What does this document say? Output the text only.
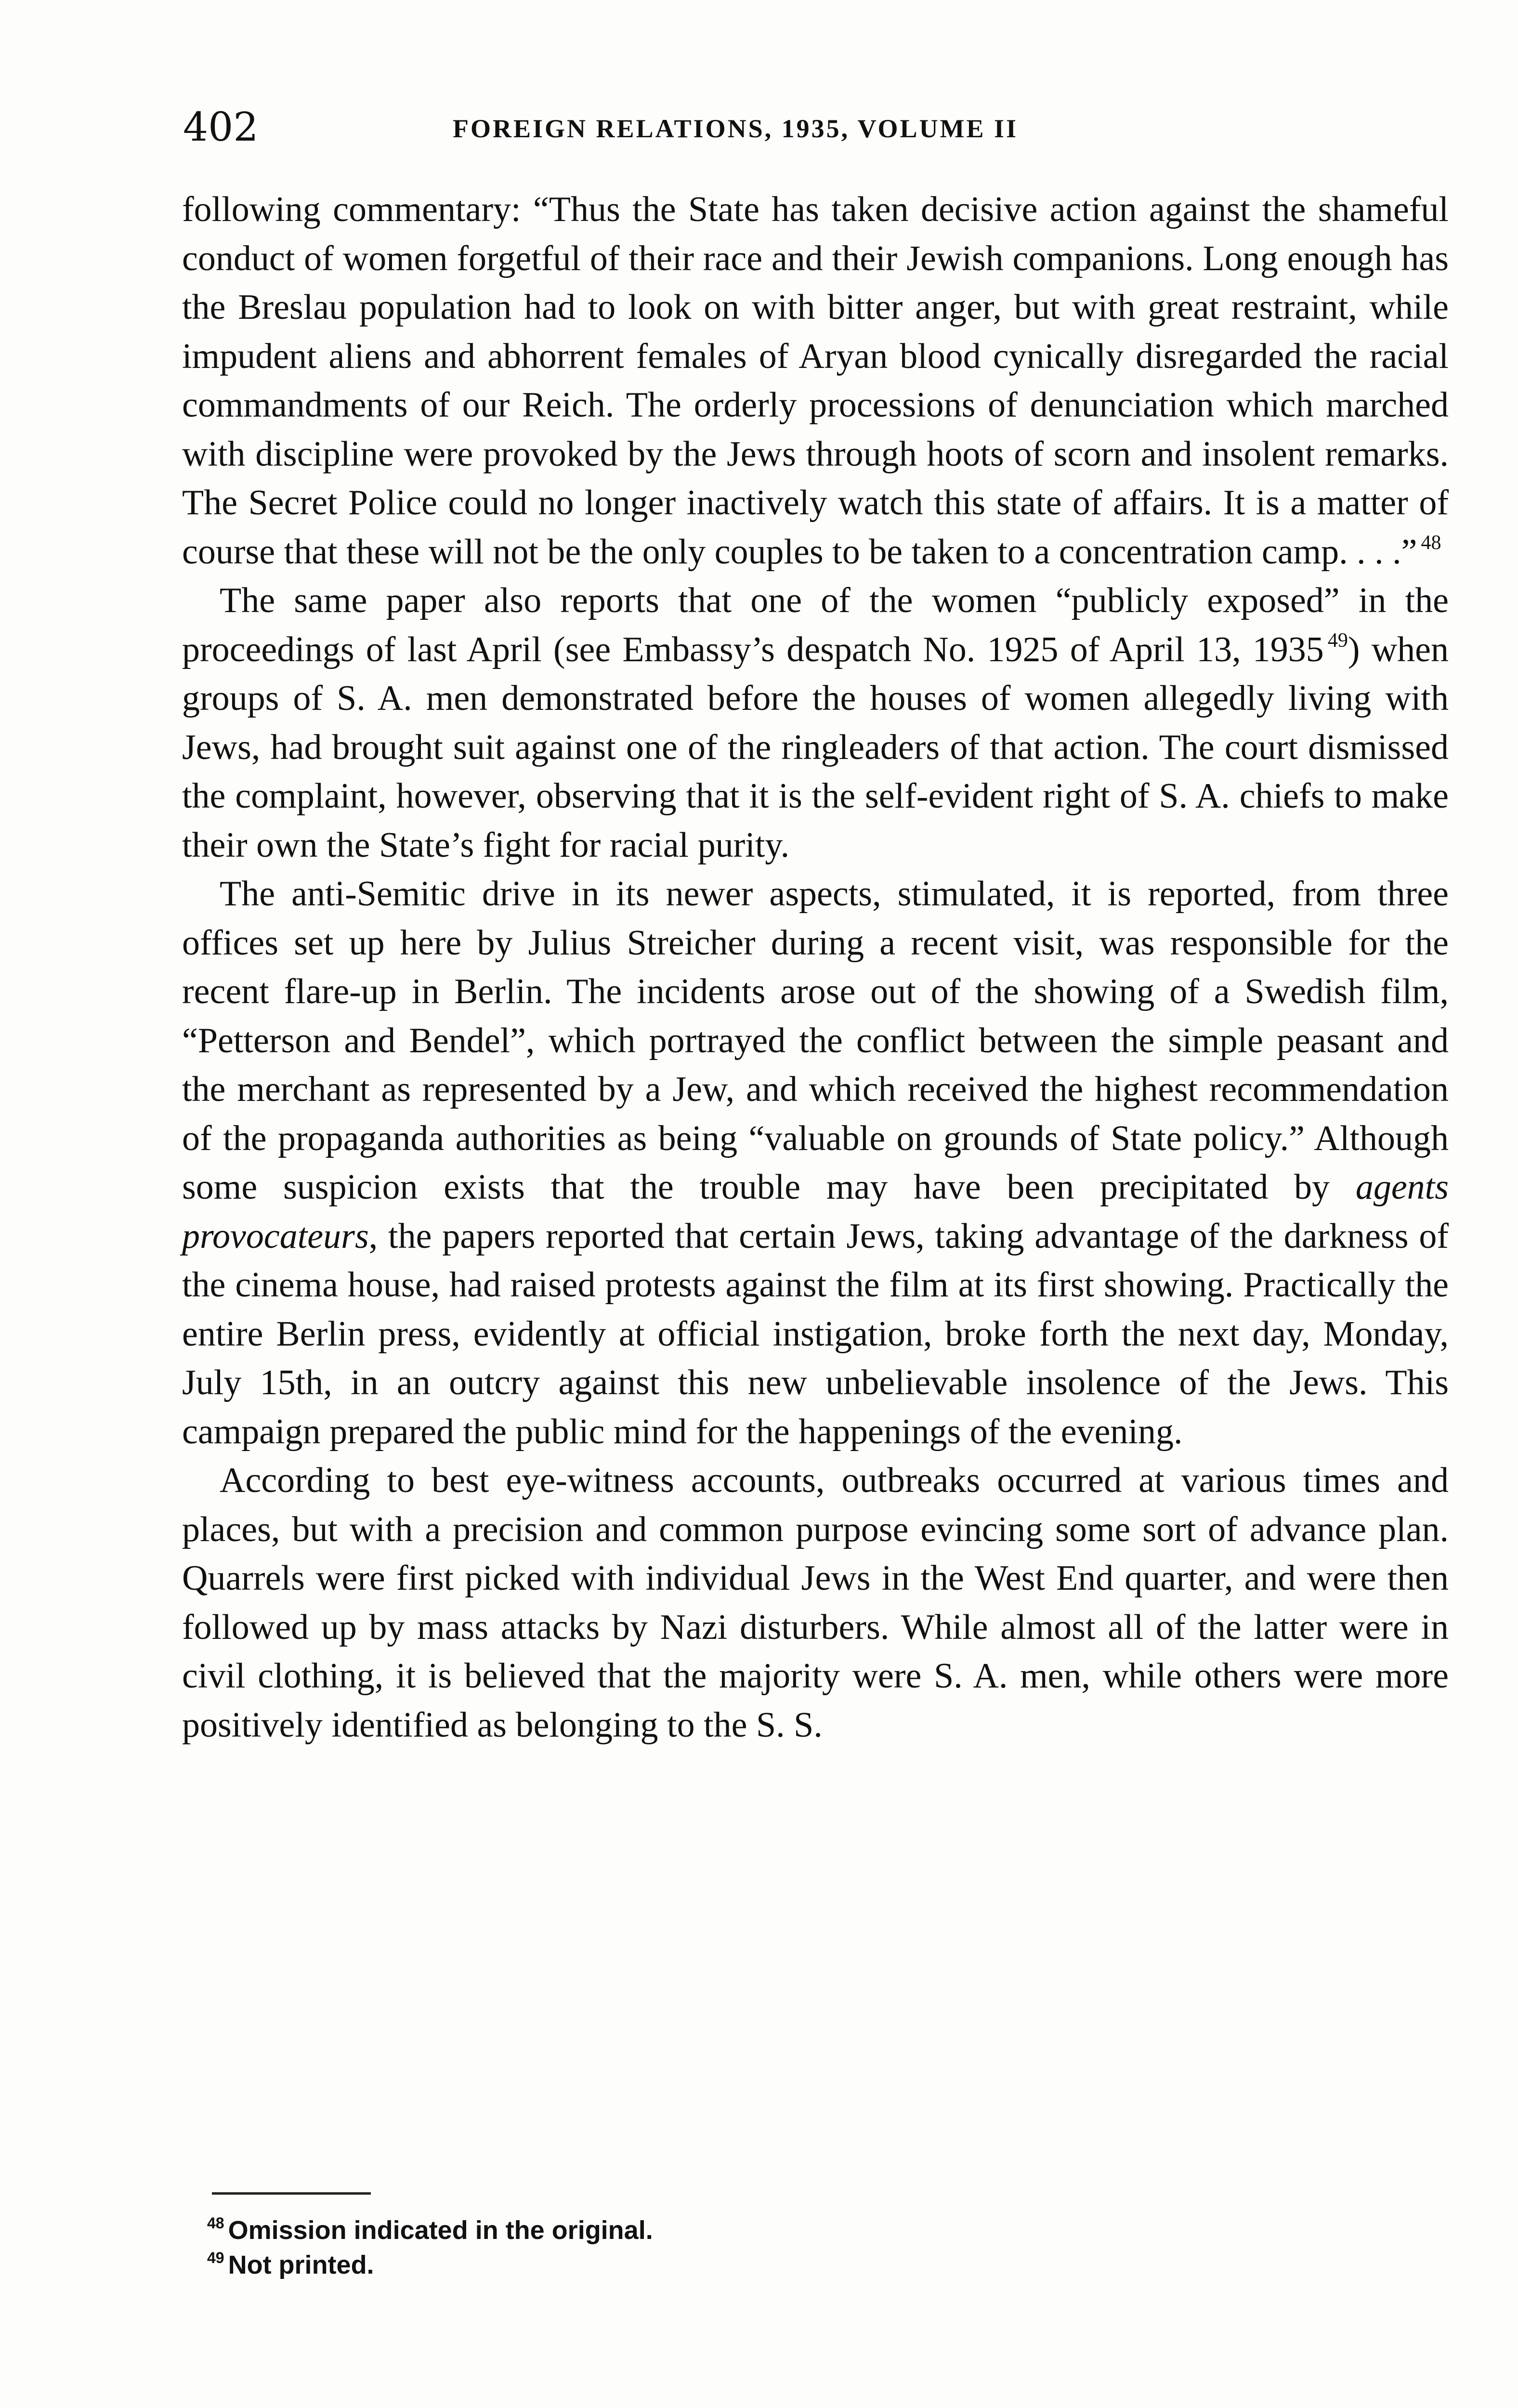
402	FOREIGN RELATIONS, 1935, VOLUME II

following commentary: “Thus the State has taken decisive action against the shameful conduct of women forgetful of their race and their Jewish companions. Long enough has the Breslau population had to look on with bitter anger, but with great restraint, while impudent aliens and abhorrent females of Aryan blood cynically disregarded the racial commandments of our Reich. The orderly processions of denunciation which marched with discipline were provoked by the Jews through hoots of scorn and insolent remarks. The Secret Police could no longer inactively watch this state of affairs. It is a matter of course that these will not be the only couples to be taken to a concentration camp. . . .” $^{48}$

The same paper also reports that one of the women “publicly exposed” in the proceedings of last April (see Embassy’s despatch No. 1925 of April 13, 1935 $^{49}$) when groups of S. A. men demonstrated before the houses of women allegedly living with Jews, had brought suit against one of the ringleaders of that action. The court dismissed the complaint, however, observing that it is the self-evident right of S. A. chiefs to make their own the State’s fight for racial purity.

The anti-Semitic drive in its newer aspects, stimulated, it is reported, from three offices set up here by Julius Streicher during a recent visit, was responsible for the recent flare-up in Berlin. The incidents arose out of the showing of a Swedish film, “Petterson and Bendel”, which portrayed the conflict between the simple peasant and the merchant as represented by a Jew, and which received the highest recommendation of the propaganda authorities as being “valuable on grounds of State policy.” Although some suspicion exists that the trouble may have been precipitated by agents provocateurs, the papers reported that certain Jews, taking advantage of the darkness of the cinema house, had raised protests against the film at its first showing. Practically the entire Berlin press, evidently at official instigation, broke forth the next day, Monday, July 15th, in an outcry against this new unbelievable insolence of the Jews. This campaign prepared the public mind for the happenings of the evening.

According to best eye-witness accounts, outbreaks occurred at various times and places, but with a precision and common purpose evincing some sort of advance plan. Quarrels were first picked with individual Jews in the West End quarter, and were then followed up by mass attacks by Nazi disturbers. While almost all of the latter were in civil clothing, it is believed that the majority were S. A. men, while others were more positively identified as belonging to the S. S.

$^{48}$ Omission indicated in the original.
$^{49}$ Not printed.
